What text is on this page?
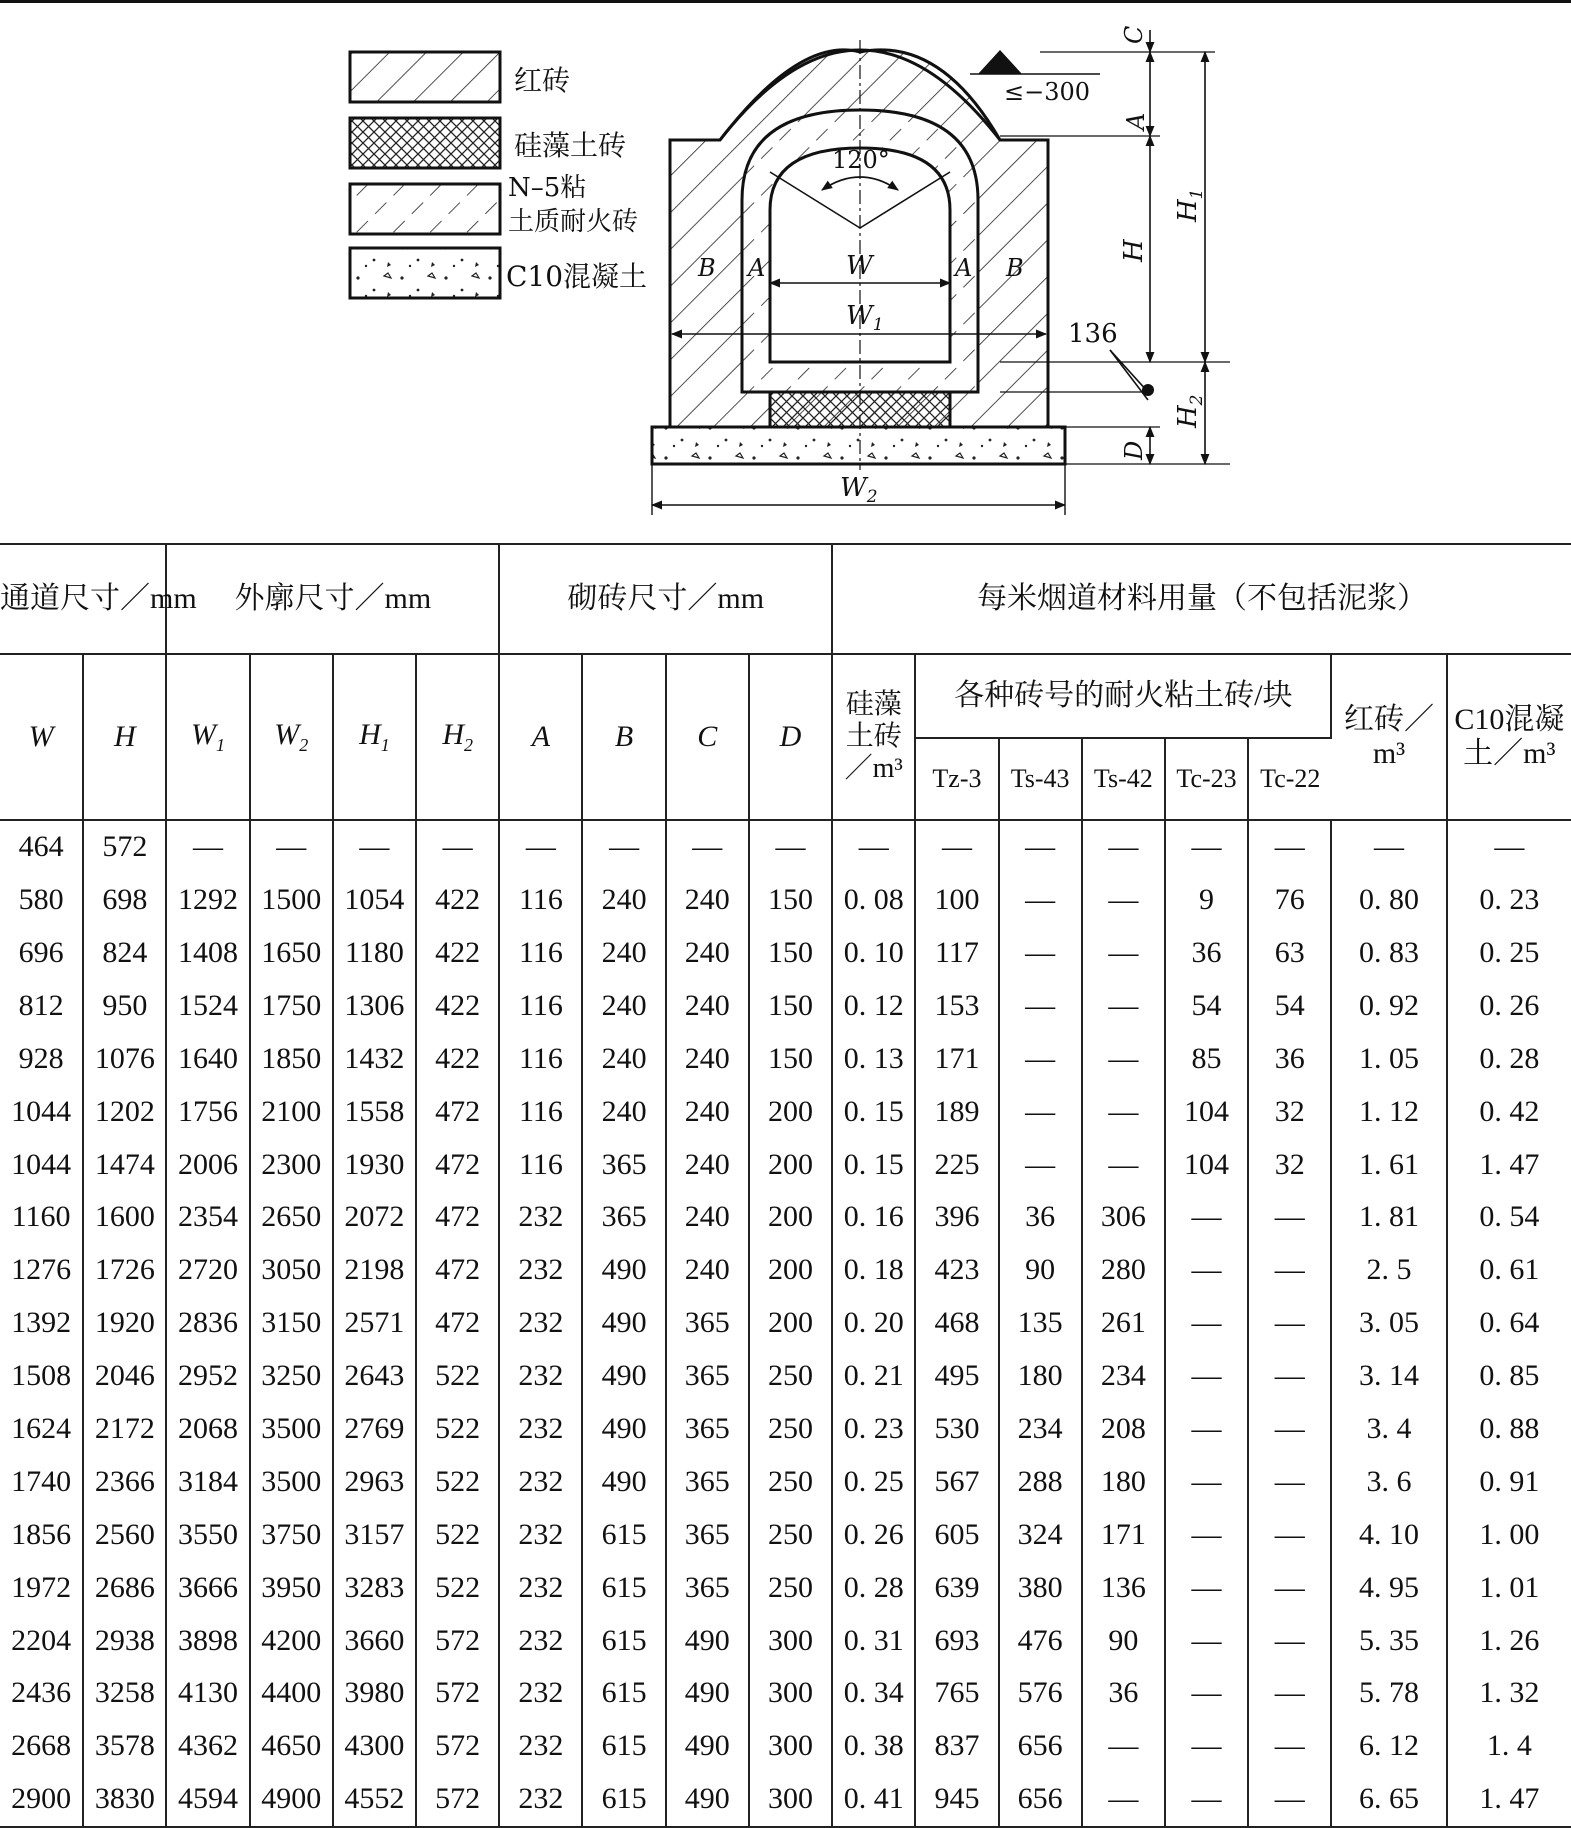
红砖
硅藻土砖
N–5粘 土质耐火砖
C10混凝土
120°
W
$W_1$
$W_2$
B A	A B
≤−300
C
A
H
$H_1$
$H_2$
D
136
通道尺寸／mm		外廓尺寸／mm				砌砖尺寸／mm				每米烟道材料用量（不包括泥浆）							
W	H	$W_1$	$W_2$	$H_1$	$H_2$	A	B	C	D	硅藻土砖／m³	各种砖号的耐火粘土砖/块					红砖／m³	C10混凝土／m³
											Tz-3	Ts-43	Ts-42	Tc-23	Tc-22		
464	572	—	—	—	—	—	—	—	—	—	—	—	—	—	—	—	—
580	698	1292	1500	1054	422	116	240	240	150	0. 08	100	—	—	9	76	0. 80	0. 23
696	824	1408	1650	1180	422	116	240	240	150	0. 10	117	—	—	36	63	0. 83	0. 25
812	950	1524	1750	1306	422	116	240	240	150	0. 12	153	—	—	54	54	0. 92	0. 26
928	1076	1640	1850	1432	422	116	240	240	150	0. 13	171	—	—	85	36	1. 05	0. 28
1044	1202	1756	2100	1558	472	116	240	240	200	0. 15	189	—	—	104	32	1. 12	0. 42
1044	1474	2006	2300	1930	472	116	365	240	200	0. 15	225	—	—	104	32	1. 61	1. 47
1160	1600	2354	2650	2072	472	232	365	240	200	0. 16	396	36	306	—	—	1. 81	0. 54
1276	1726	2720	3050	2198	472	232	490	240	200	0. 18	423	90	280	—	—	2. 5	0. 61
1392	1920	2836	3150	2571	472	232	490	365	200	0. 20	468	135	261	—	—	3. 05	0. 64
1508	2046	2952	3250	2643	522	232	490	365	250	0. 21	495	180	234	—	—	3. 14	0. 85
1624	2172	2068	3500	2769	522	232	490	365	250	0. 23	530	234	208	—	—	3. 4	0. 88
1740	2366	3184	3500	2963	522	232	490	365	250	0. 25	567	288	180	—	—	3. 6	0. 91
1856	2560	3550	3750	3157	522	232	615	365	250	0. 26	605	324	171	—	—	4. 10	1. 00
1972	2686	3666	3950	3283	522	232	615	365	250	0. 28	639	380	136	—	—	4. 95	1. 01
2204	2938	3898	4200	3660	572	232	615	490	300	0. 31	693	476	90	—	—	5. 35	1. 26
2436	3258	4130	4400	3980	572	232	615	490	300	0. 34	765	576	36	—	—	5. 78	1. 32
2668	3578	4362	4650	4300	572	232	615	490	300	0. 38	837	656	—	—	—	6. 12	1. 4
2900	3830	4594	4900	4552	572	232	615	490	300	0. 41	945	656	—	—	—	6. 65	1. 47
